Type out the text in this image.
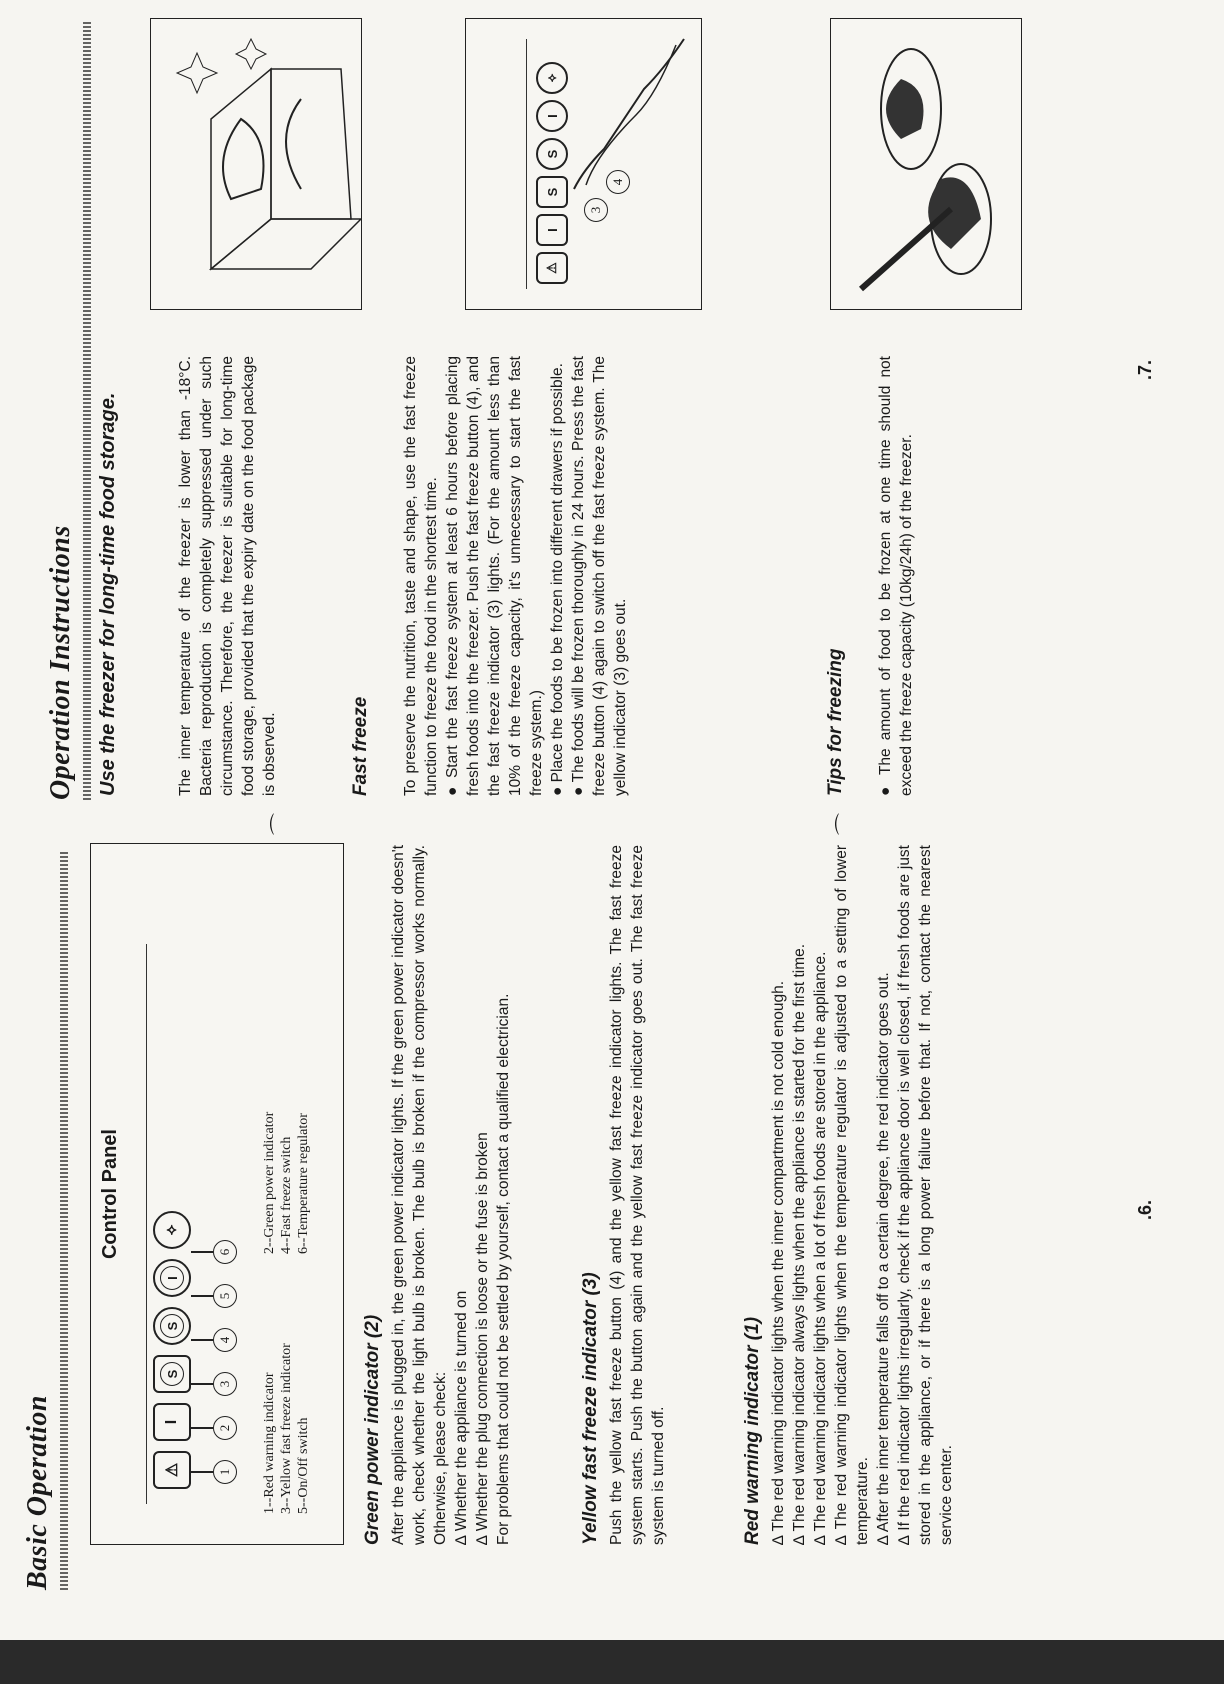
Basic Operation
Control Panel
⚠
I
S
S
I
⟡
1
2
3
4
5
6
1--Red warning indicator2--Green power indicator
3--Yellow fast freeze indicator4--Fast freeze switch
5--On/Off switch6--Temperature regulator
Green power indicator (2) After the appliance is plugged in, the green power indicator lights. If the green power indicator doesn't work, check whether the light bulb is broken. The bulb is broken if the compressor works normally. Otherwise, please check: ∆ Whether the appliance is turned on ∆ Whether the plug connection is loose or the fuse is broken For problems that could not be settled by yourself, contact a qualified electrician.	Yellow fast freeze indicator (3) Push the yellow fast freeze button (4) and the yellow fast freeze indicator lights. The fast freeze system starts. Push the button again and the yellow fast freeze indicator goes out. The fast freeze system is turned off.	Red warning indicator (1) ∆ The red warning indicator lights when the inner compartment is not cold enough. ∆ The red warning indicator always lights when the appliance is started for the first time. ∆ The red warning indicator lights when a lot of fresh foods are stored in the appliance. ∆ The red warning indicator lights when the temperature regulator is adjusted to a setting of lower temperature. ∆ After the inner temperature falls off to a certain degree, the red indicator goes out. ∆ If the red indicator lights irregularly, check if the appliance door is well closed, if fresh foods are just stored in the appliance, or if there is a long power failure before that. If not, contact the nearest service center.

.6.
⌒	⌒
Operation Instructions Use the freezer for long-time food storage.	The inner temperature of the freezer is lower than -18°C. Bacteria reproduction is completely suppressed under such circumstance. Therefore, the freezer is suitable for long-time food storage, provided that the expiry date on the food package is observed.	Fast freeze To preserve the nutrition, taste and shape, use the fast freeze function to freeze the food in the shortest time. ● Start the fast freeze system at least 6 hours before placing fresh foods into the freezer. Push the fast freeze button (4), and the fast freeze indicator (3) lights. (For the amount less than 10% of the freeze capacity, it's unnecessary to start the fast freeze system.) ● Place the foods to be frozen into different drawers if possible. ● The foods will be frozen thoroughly in 24 hours. Press the fast freeze button (4) again to switch off the fast freeze system. The yellow indicator (3) goes out.

⚠
I
S
S
I
⟡
3
4
Tips for freezing ● The amount of food to be frozen at one time should not exceed the freeze capacity (10kg/24h) of the freezer.

.7.
